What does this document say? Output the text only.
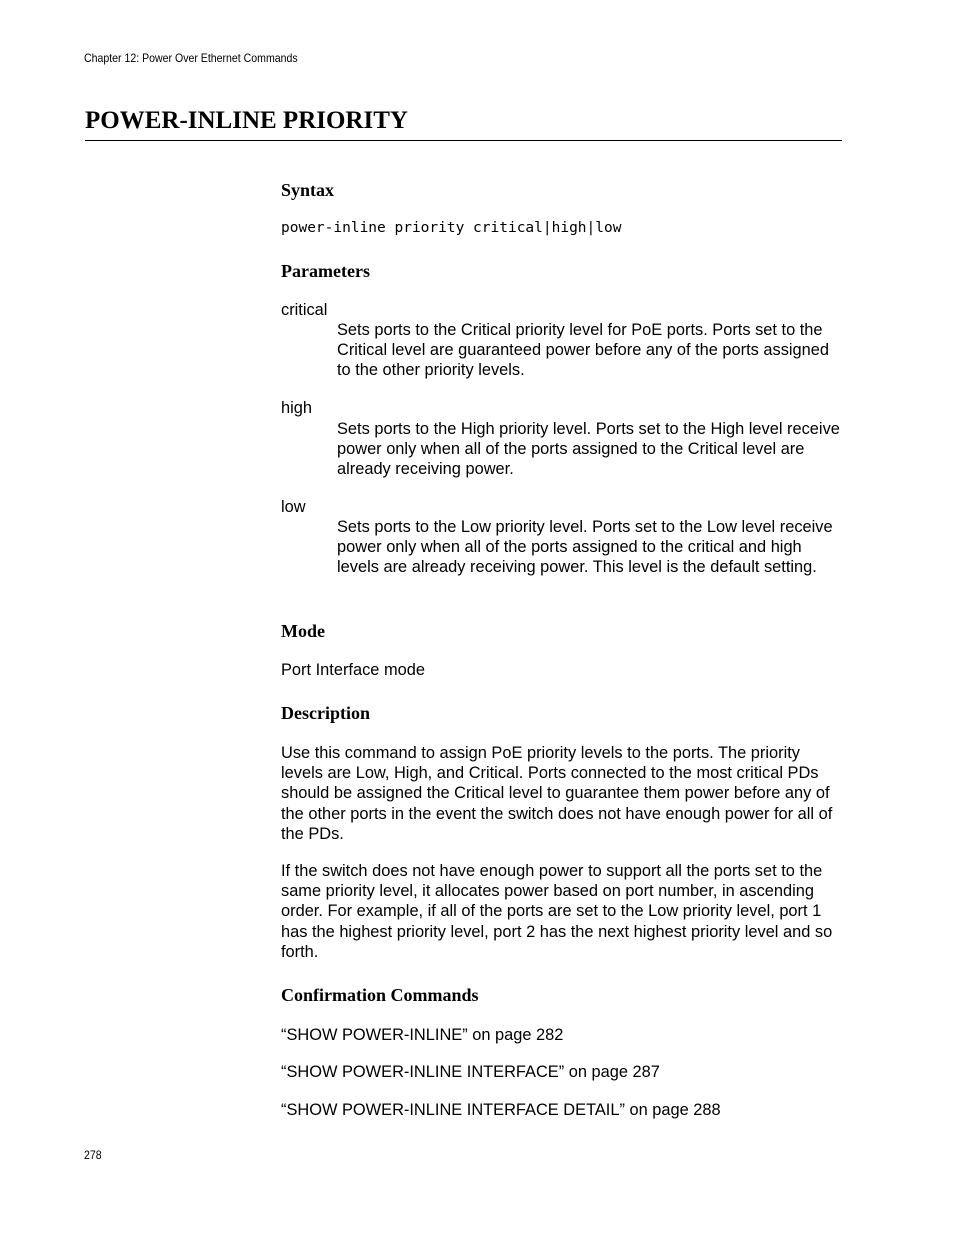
Chapter 12: Power Over Ethernet Commands
POWER-INLINE PRIORITY
Syntax
power-inline priority critical|high|low
Parameters
critical
Sets ports to the Critical priority level for PoE ports. Ports set to the Critical level are guaranteed power before any of the ports assigned to the other priority levels.
high
Sets ports to the High priority level. Ports set to the High level receive power only when all of the ports assigned to the Critical level are already receiving power.
low
Sets ports to the Low priority level. Ports set to the Low level receive power only when all of the ports assigned to the critical and high levels are already receiving power. This level is the default setting.
Mode
Port Interface mode
Description
Use this command to assign PoE priority levels to the ports. The priority levels are Low, High, and Critical. Ports connected to the most critical PDs should be assigned the Critical level to guarantee them power before any of the other ports in the event the switch does not have enough power for all of the PDs.
If the switch does not have enough power to support all the ports set to the same priority level, it allocates power based on port number, in ascending order. For example, if all of the ports are set to the Low priority level, port 1 has the highest priority level, port 2 has the next highest priority level and so forth.
Confirmation Commands
“SHOW POWER-INLINE” on page 282
“SHOW POWER-INLINE INTERFACE” on page 287
“SHOW POWER-INLINE INTERFACE DETAIL” on page 288
278
